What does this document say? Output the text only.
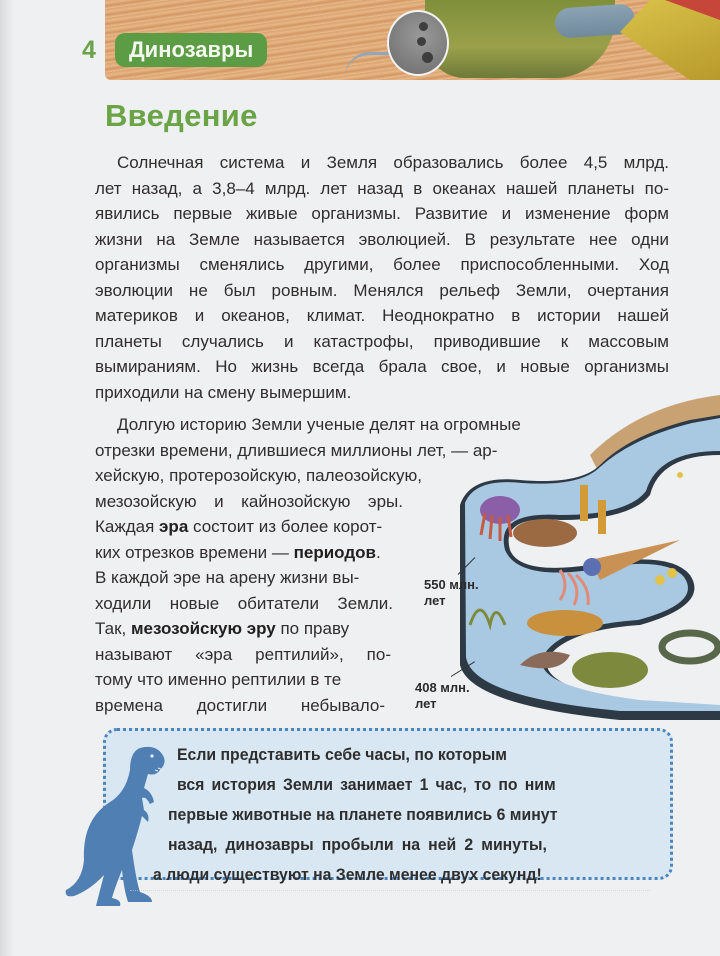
4	Динозавры
Введение
Солнечная система и Земля образовались более 4,5 млрд.
лет назад, а 3,8–4 млрд. лет назад в океанах нашей планеты по-
явились первые живые организмы. Развитие и изменение форм
жизни на Земле называется эволюцией. В результате нее одни
организмы сменялись другими, более приспособленными. Ход
эволюции не был ровным. Менялся рельеф Земли, очертания
материков и океанов, климат. Неоднократно в истории нашей
планеты случались и катастрофы, приводившие к массовым
вымираниям. Но жизнь всегда брала свое, и новые организмы
приходили на смену вымершим.
Долгую историю Земли ученые делят на огромные
отрезки времени, длившиеся миллионы лет, — ар-
хейскую, протерозойскую, палеозойскую,
мезозойскую и кайнозойскую эры.
Каждая эра состоит из более корот-
ких отрезков времени — периодов.
В каждой эре на арену жизни вы-
ходили новые обитатели Земли.
Так, мезозойскую эру по праву
называют «эра рептилий», по-
тому что именно рептилии в те
времена достигли небывало-
550 млн.
лет
408 млн.
лет
Если представить себе часы, по которым
вся история Земли занимает 1 час, то по ним
первые животные на планете появились 6 минут
назад, динозавры пробыли на ней 2 минуты,
а люди существуют на Земле менее двух секунд!
